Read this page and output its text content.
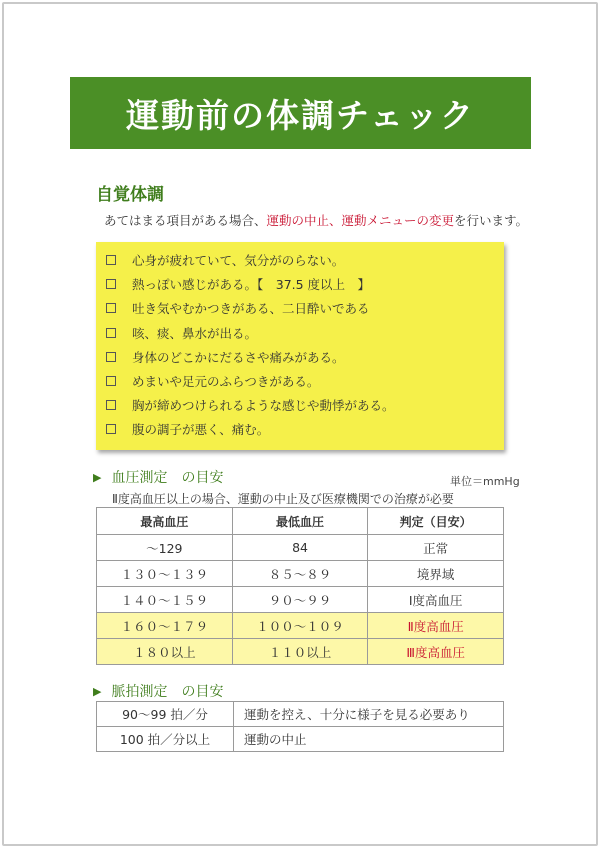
運動前の体調チェック
自覚体調
あてはまる項目がある場合、運動の中止、運動メニューの変更を行います。
心身が疲れていて、気分がのらない。
熱っぽい感じがある。【　37.5 度以上　】
吐き気やむかつきがある、二日酔いである
咳、痰、鼻水が出る。
身体のどこかにだるさや痛みがある。
めまいや足元のふらつきがある。
胸が締めつけられるような感じや動悸がある。
腹の調子が悪く、痛む。
▶ 血圧測定　の目安	単位＝mmHg
Ⅱ度高血圧以上の場合、運動の中止及び医療機関での治療が必要
最高血圧	最低血圧	判定（目安）
～129	84	正常
１３０～１３９	８５～８９	境界域
１４０～１５９	９０～９９	Ⅰ度高血圧
１６０～１７９	１００～１０９	Ⅱ度高血圧
１８０以上	１１０以上	Ⅲ度高血圧
▶ 脈拍測定　の目安
90～99 拍／分	運動を控え、十分に様子を見る必要あり
100 拍／分以上	運動の中止
